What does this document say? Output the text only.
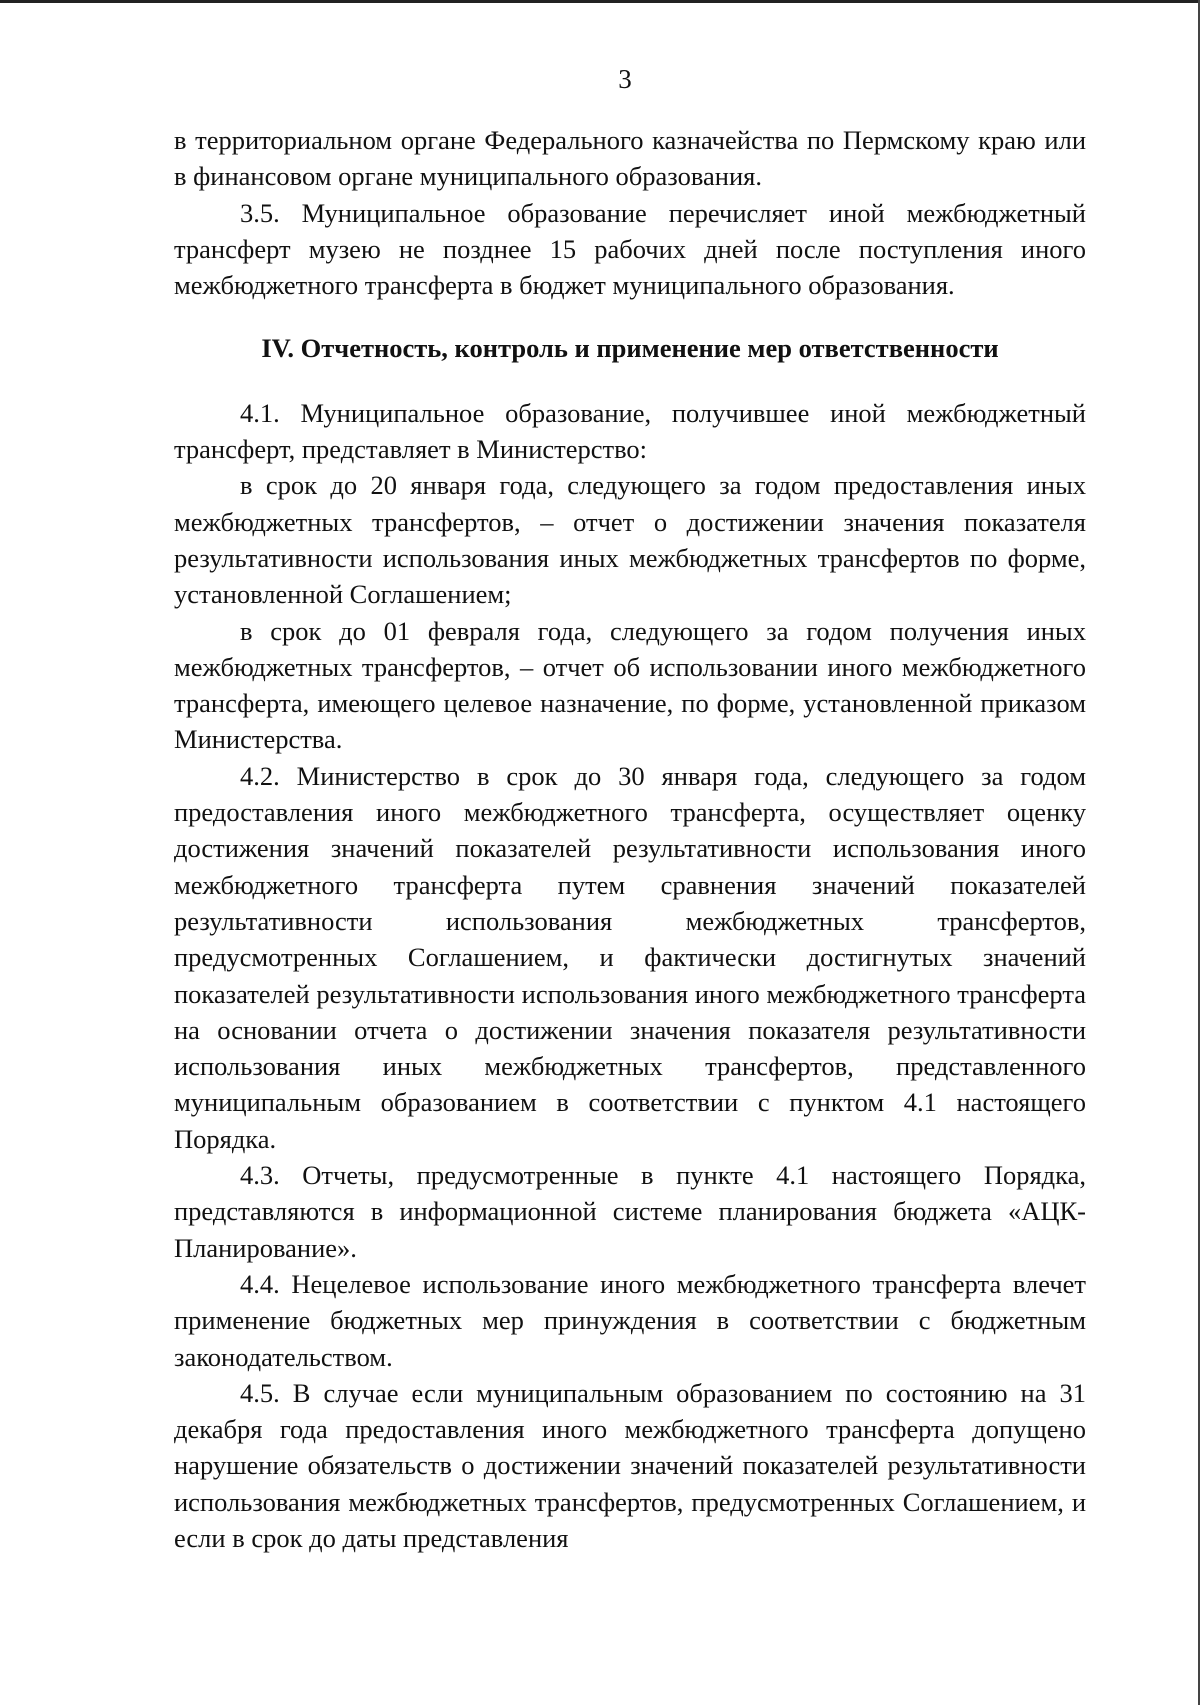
3

в территориальном органе Федерального казначейства по Пермскому краю или в финансовом органе муниципального образования.

3.5. Муниципальное образование перечисляет иной межбюджетный трансферт музею не позднее 15 рабочих дней после поступления иного межбюджетного трансферта в бюджет муниципального образования.

IV. Отчетность, контроль и применение мер ответственности

4.1. Муниципальное образование, получившее иной межбюджетный трансферт, представляет в Министерство:

в срок до 20 января года, следующего за годом предоставления иных межбюджетных трансфертов, – отчет о достижении значения показателя результативности использования иных межбюджетных трансфертов по форме, установленной Соглашением;

в срок до 01 февраля года, следующего за годом получения иных межбюджетных трансфертов, – отчет об использовании иного межбюджетного трансферта, имеющего целевое назначение, по форме, установленной приказом Министерства.

4.2. Министерство в срок до 30 января года, следующего за годом предоставления иного межбюджетного трансферта, осуществляет оценку достижения значений показателей результативности использования иного межбюджетного трансферта путем сравнения значений показателей результативности использования межбюджетных трансфертов, предусмотренных Соглашением, и фактически достигнутых значений показателей результативности использования иного межбюджетного трансферта на основании отчета о достижении значения показателя результативности использования иных межбюджетных трансфертов, представленного муниципальным образованием в соответствии с пунктом 4.1 настоящего Порядка.

4.3. Отчеты, предусмотренные в пункте 4.1 настоящего Порядка, представляются в информационной системе планирования бюджета «АЦК-Планирование».

4.4. Нецелевое использование иного межбюджетного трансферта влечет применение бюджетных мер принуждения в соответствии с бюджетным законодательством.

4.5. В случае если муниципальным образованием по состоянию на 31 декабря года предоставления иного межбюджетного трансферта допущено нарушение обязательств о достижении значений показателей результативности использования межбюджетных трансфертов, предусмотренных Соглашением, и если в срок до даты представления
